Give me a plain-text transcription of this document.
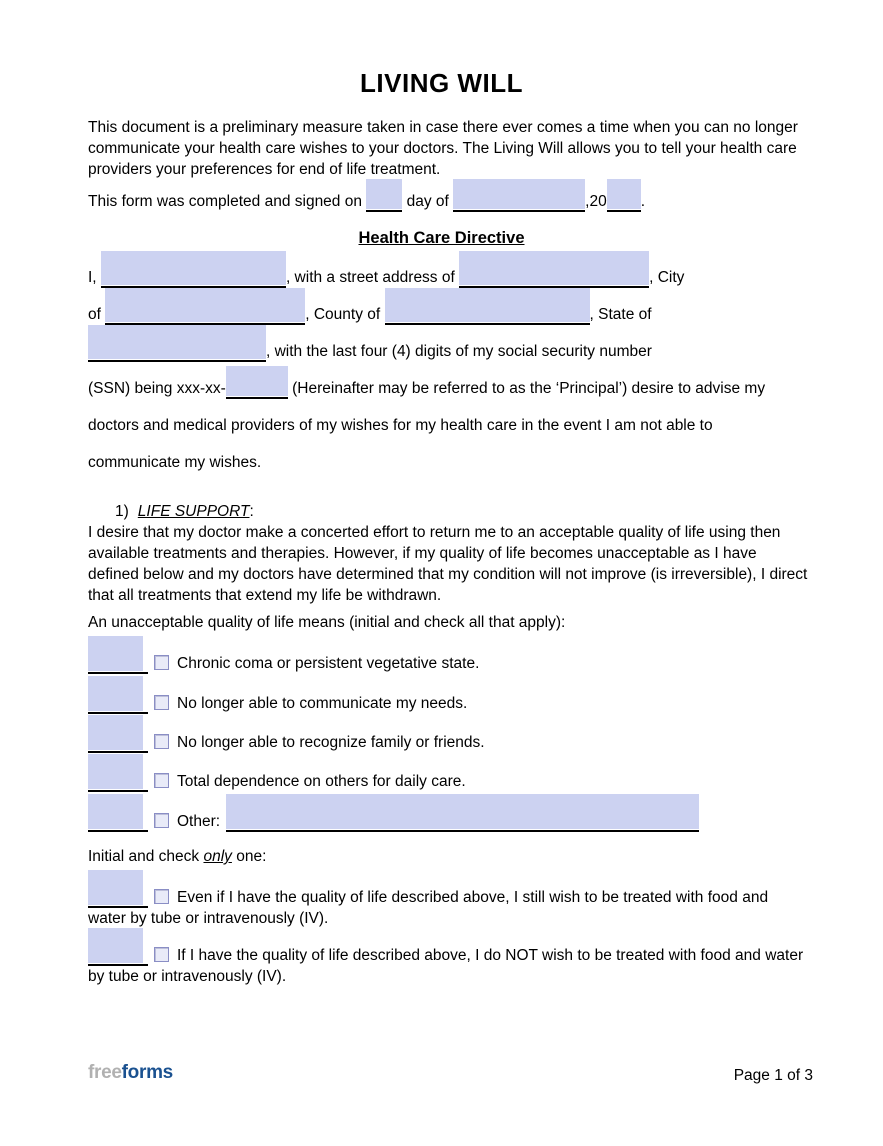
LIVING WILL
This document is a preliminary measure taken in case there ever comes a time when you can no longer communicate your health care wishes to your doctors. The Living Will allows you to tell your health care providers your preferences for end of life treatment.
This form was completed and signed on	day of	,20 .
Health Care Directive
I,	, with a street address of	, City
of	, County of	, State of
, with the last four (4) digits of my social security number
(SSN) being xxx-xx-	(Hereinafter may be referred to as the ‘Principal’) desire to advise my
doctors and medical providers of my wishes for my health care in the event I am not able to
communicate my wishes.
1) LIFE SUPPORT:
I desire that my doctor make a concerted effort to return me to an acceptable quality of life using then available treatments and therapies. However, if my quality of life becomes unacceptable as I have defined below and my doctors have determined that my condition will not improve (is irreversible), I direct that all treatments that extend my life be withdrawn.
An unacceptable quality of life means (initial and check all that apply):
Chronic coma or persistent vegetative state.
No longer able to communicate my needs.
No longer able to recognize family or friends.
Total dependence on others for daily care.
Other:
Initial and check only one:
Even if I have the quality of life described above, I still wish to be treated with food and water by tube or intravenously (IV).
If I have the quality of life described above, I do NOT wish to be treated with food and water by tube or intravenously (IV).
freeforms	Page 1 of 3
